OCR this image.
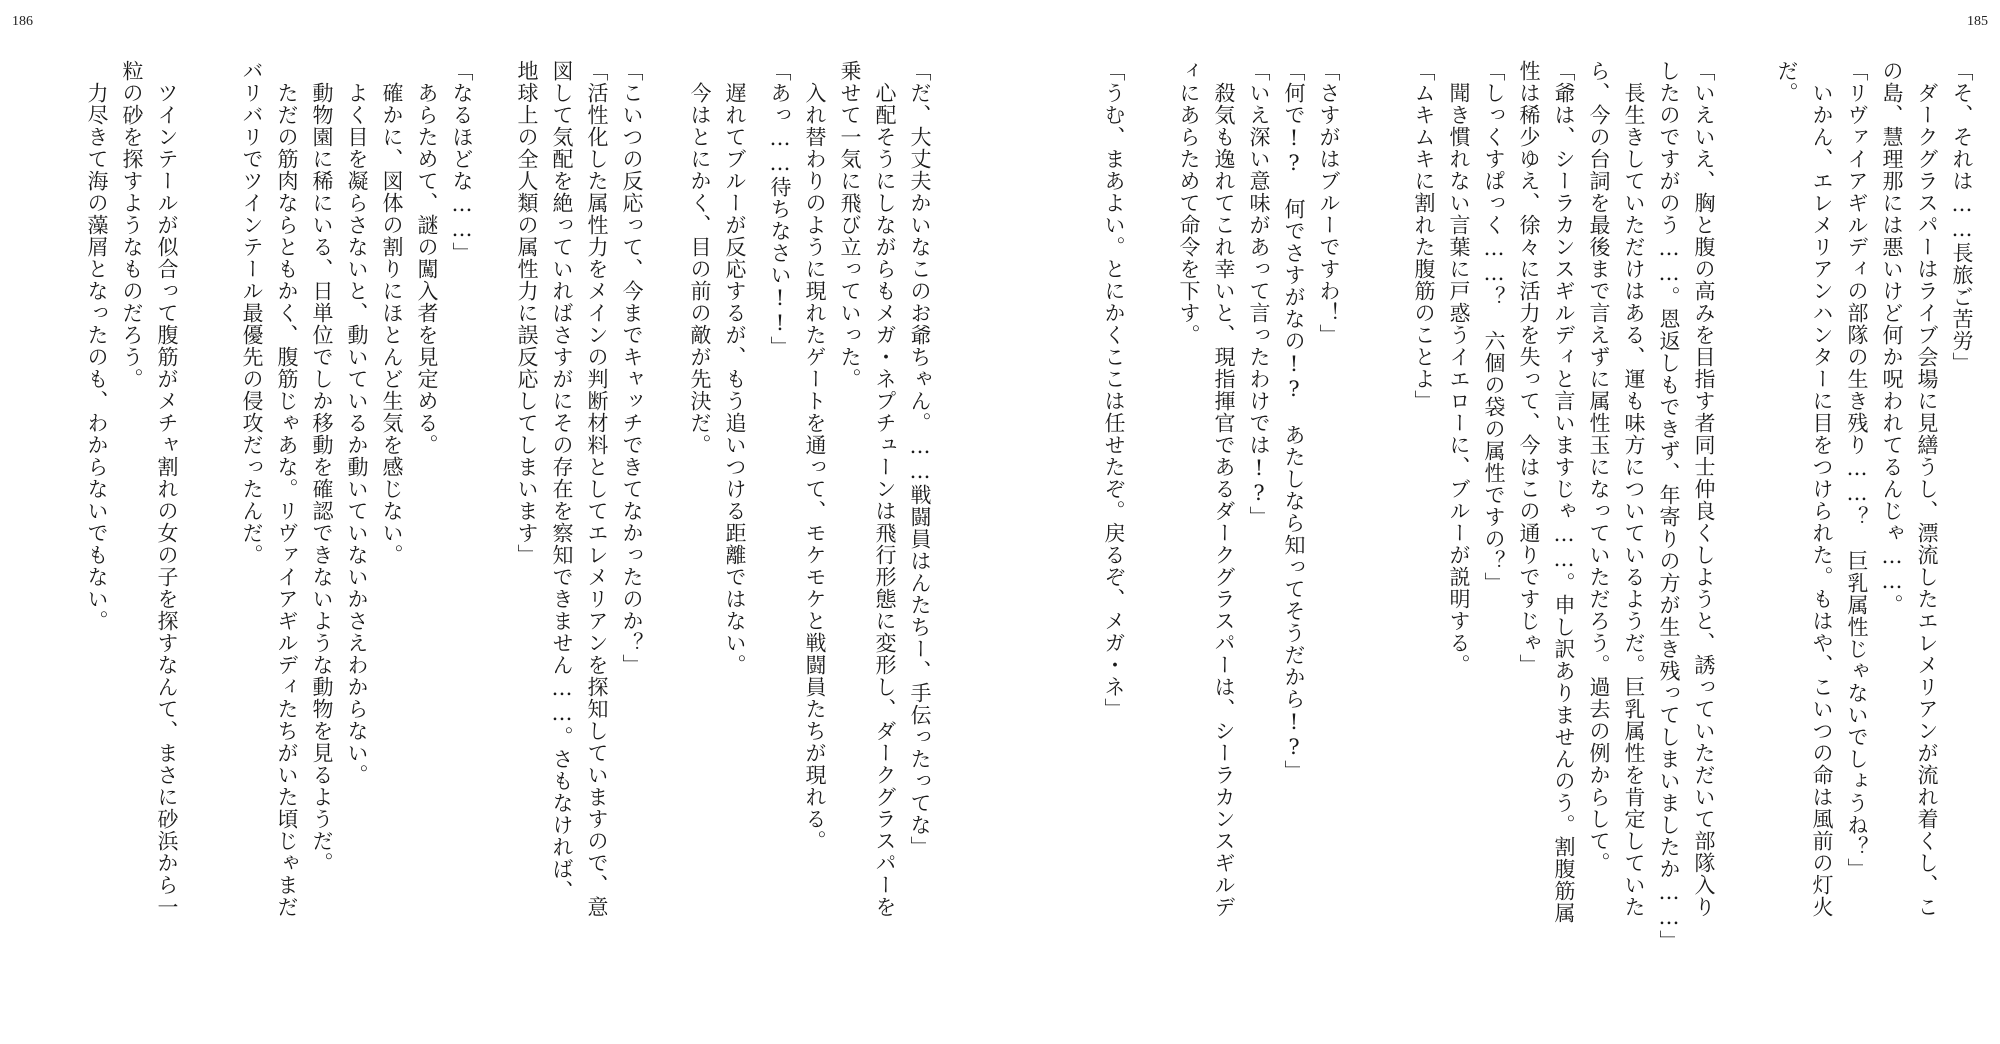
186	185
「そ、それは……長旅ご苦労」
　ダークグラスパーはライブ会場に見繕うし、漂流したエレメリアンが流れ着くし、こ
の島、慧理那には悪いけど何か呪われてるんじゃ……。
「リヴァイアギルディの部隊の生き残り……？　巨乳属性じゃないでしょうね？」
　いかん、エレメリアンハンターに目をつけられた。もはや、こいつの命は風前の灯火
だ。
「いえいえ、胸と腹の高みを目指す者同士仲良くしようと、誘っていただいて部隊入り
したのですがのう……。恩返しもできず、年寄りの方が生き残ってしまいましたか……」
　長生きしていただけはある、運も味方についているようだ。巨乳属性を肯定していた
ら、今の台詞を最後まで言えずに属性玉になっていただろう。過去の例からして。
「爺は、シーラカンスギルディと言いますじゃ……。申し訳ありませんのう。割腹筋属
性は稀少ゆえ、徐々に活力を失って、今はこの通りですじゃ」
「しっくすぱっく……？　六個の袋の属性ですの？」
　聞き慣れない言葉に戸惑うイエローに、ブルーが説明する。
「ムキムキに割れた腹筋のことよ」
「さすがはブルーですわ！」
「何で!?　何でさすがなの!?　あたしなら知ってそうだから!?」
「いえ深い意味があって言ったわけでは!?」
　殺気も逸れてこれ幸いと、現指揮官であるダークグラスパーは、シーラカンスギルデ
ィにあらためて命令を下す。
「うむ、まあよい。とにかくここは任せたぞ。戻るぞ、メガ・ネ」
「だ、大丈夫かいなこのお爺ちゃん。……戦闘員はんたちー、手伝ったってな」
　心配そうにしながらもメガ・ネプチューンは飛行形態に変形し、ダークグラスパーを
乗せて一気に飛び立っていった。
　入れ替わりのように現れたゲートを通って、モケモケと戦闘員たちが現れる。
「あっ……待ちなさい!!」
　遅れてブルーが反応するが、もう追いつける距離ではない。
　今はとにかく、目の前の敵が先決だ。
「こいつの反応って、今までキャッチできてなかったのか？」
「活性化した属性力をメインの判断材料としてエレメリアンを探知していますので、意
図して気配を絶っていればさすがにその存在を察知できません……。さもなければ、
地球上の全人類の属性力に誤反応してしまいます」
「なるほどな……」
　あらためて、謎の闖入者を見定める。
　確かに、図体の割りにほとんど生気を感じない。
　よく目を凝らさないと、動いているか動いていないかさえわからない。
　動物園に稀にいる、日単位でしか移動を確認できないような動物を見るようだ。
　ただの筋肉ならともかく、腹筋じゃあな。リヴァイアギルディたちがいた頃じゃまだ
バリバリでツインテール最優先の侵攻だったんだ。
　ツインテールが似合って腹筋がメチャ割れの女の子を探すなんて、まさに砂浜から一
粒の砂を探すようなものだろう。
　力尽きて海の藻屑となったのも、わからないでもない。
